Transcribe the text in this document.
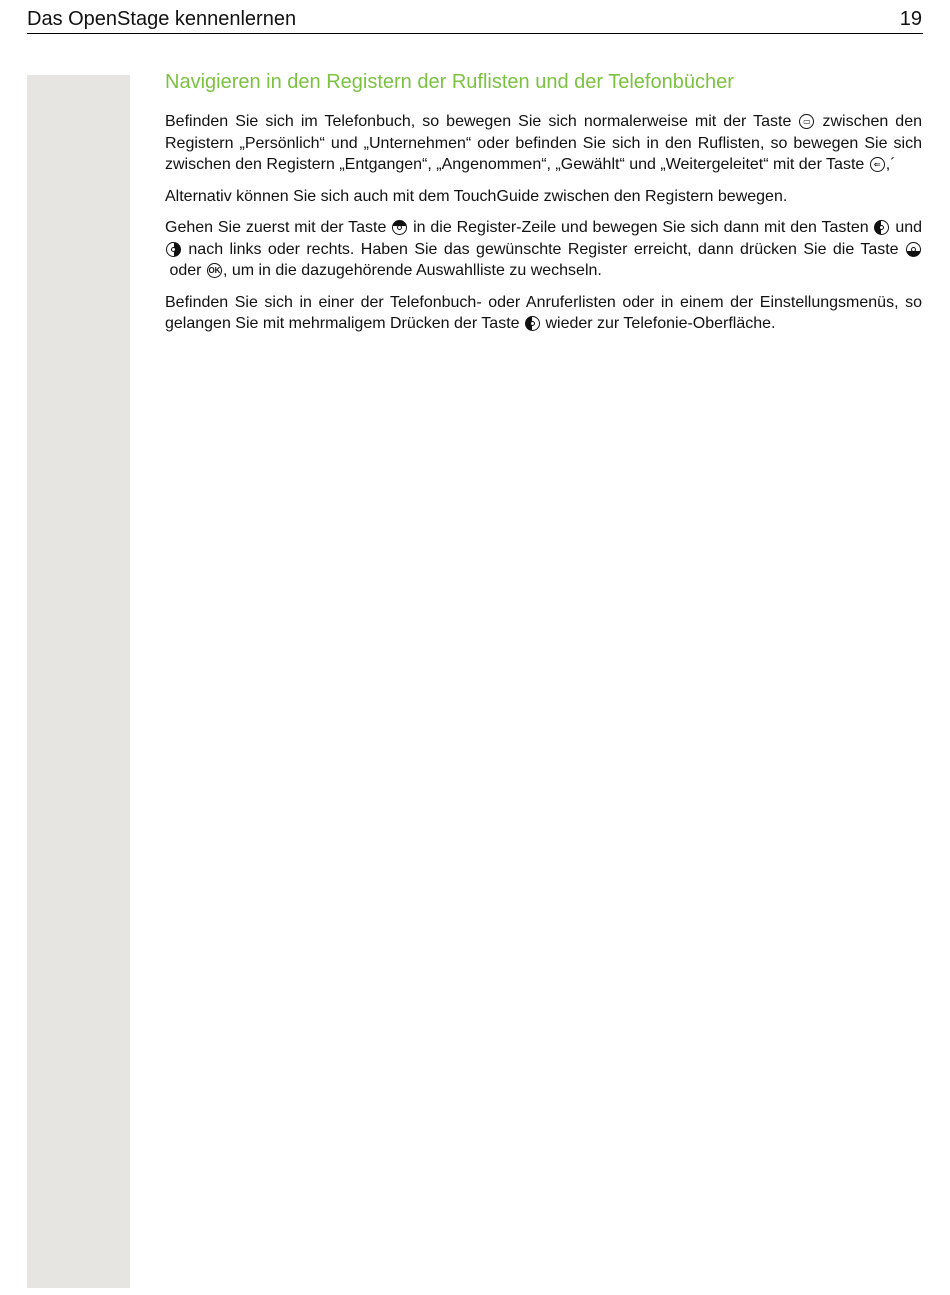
Das OpenStage kennenlernen	19
Navigieren in den Registern der Ruflisten und der Telefonbücher

Befinden Sie sich im Telefonbuch, so bewegen Sie sich normalerweise mit der Taste	▭ zwischen den Registern „Persönlich“ und „Unternehmen“ oder befinden Sie sich in den Ruflisten, so bewegen Sie sich zwischen den Registern „Entgangen“, „Angenommen“, „Gewählt“ und „Weitergeleitet“ mit der Taste	⇐ ,´

Alternativ können Sie sich auch mit dem TouchGuide zwischen den Registern bewegen.

Gehen Sie zuerst mit der Taste in die Register-Zeile und bewegen Sie sich dann mit den Tasten und
nach links oder rechts. Haben Sie das gewünschte Register erreicht, dann drücken Sie die Taste
oder OK , um in die dazugehörende Auswahlliste zu wechseln.

Befinden Sie sich in einer der Telefonbuch- oder Anruferlisten oder in einem der Einstellungsmenüs, so gelangen Sie mit mehrmaligem Drücken der Taste wieder zur Telefonie-Oberfläche.
